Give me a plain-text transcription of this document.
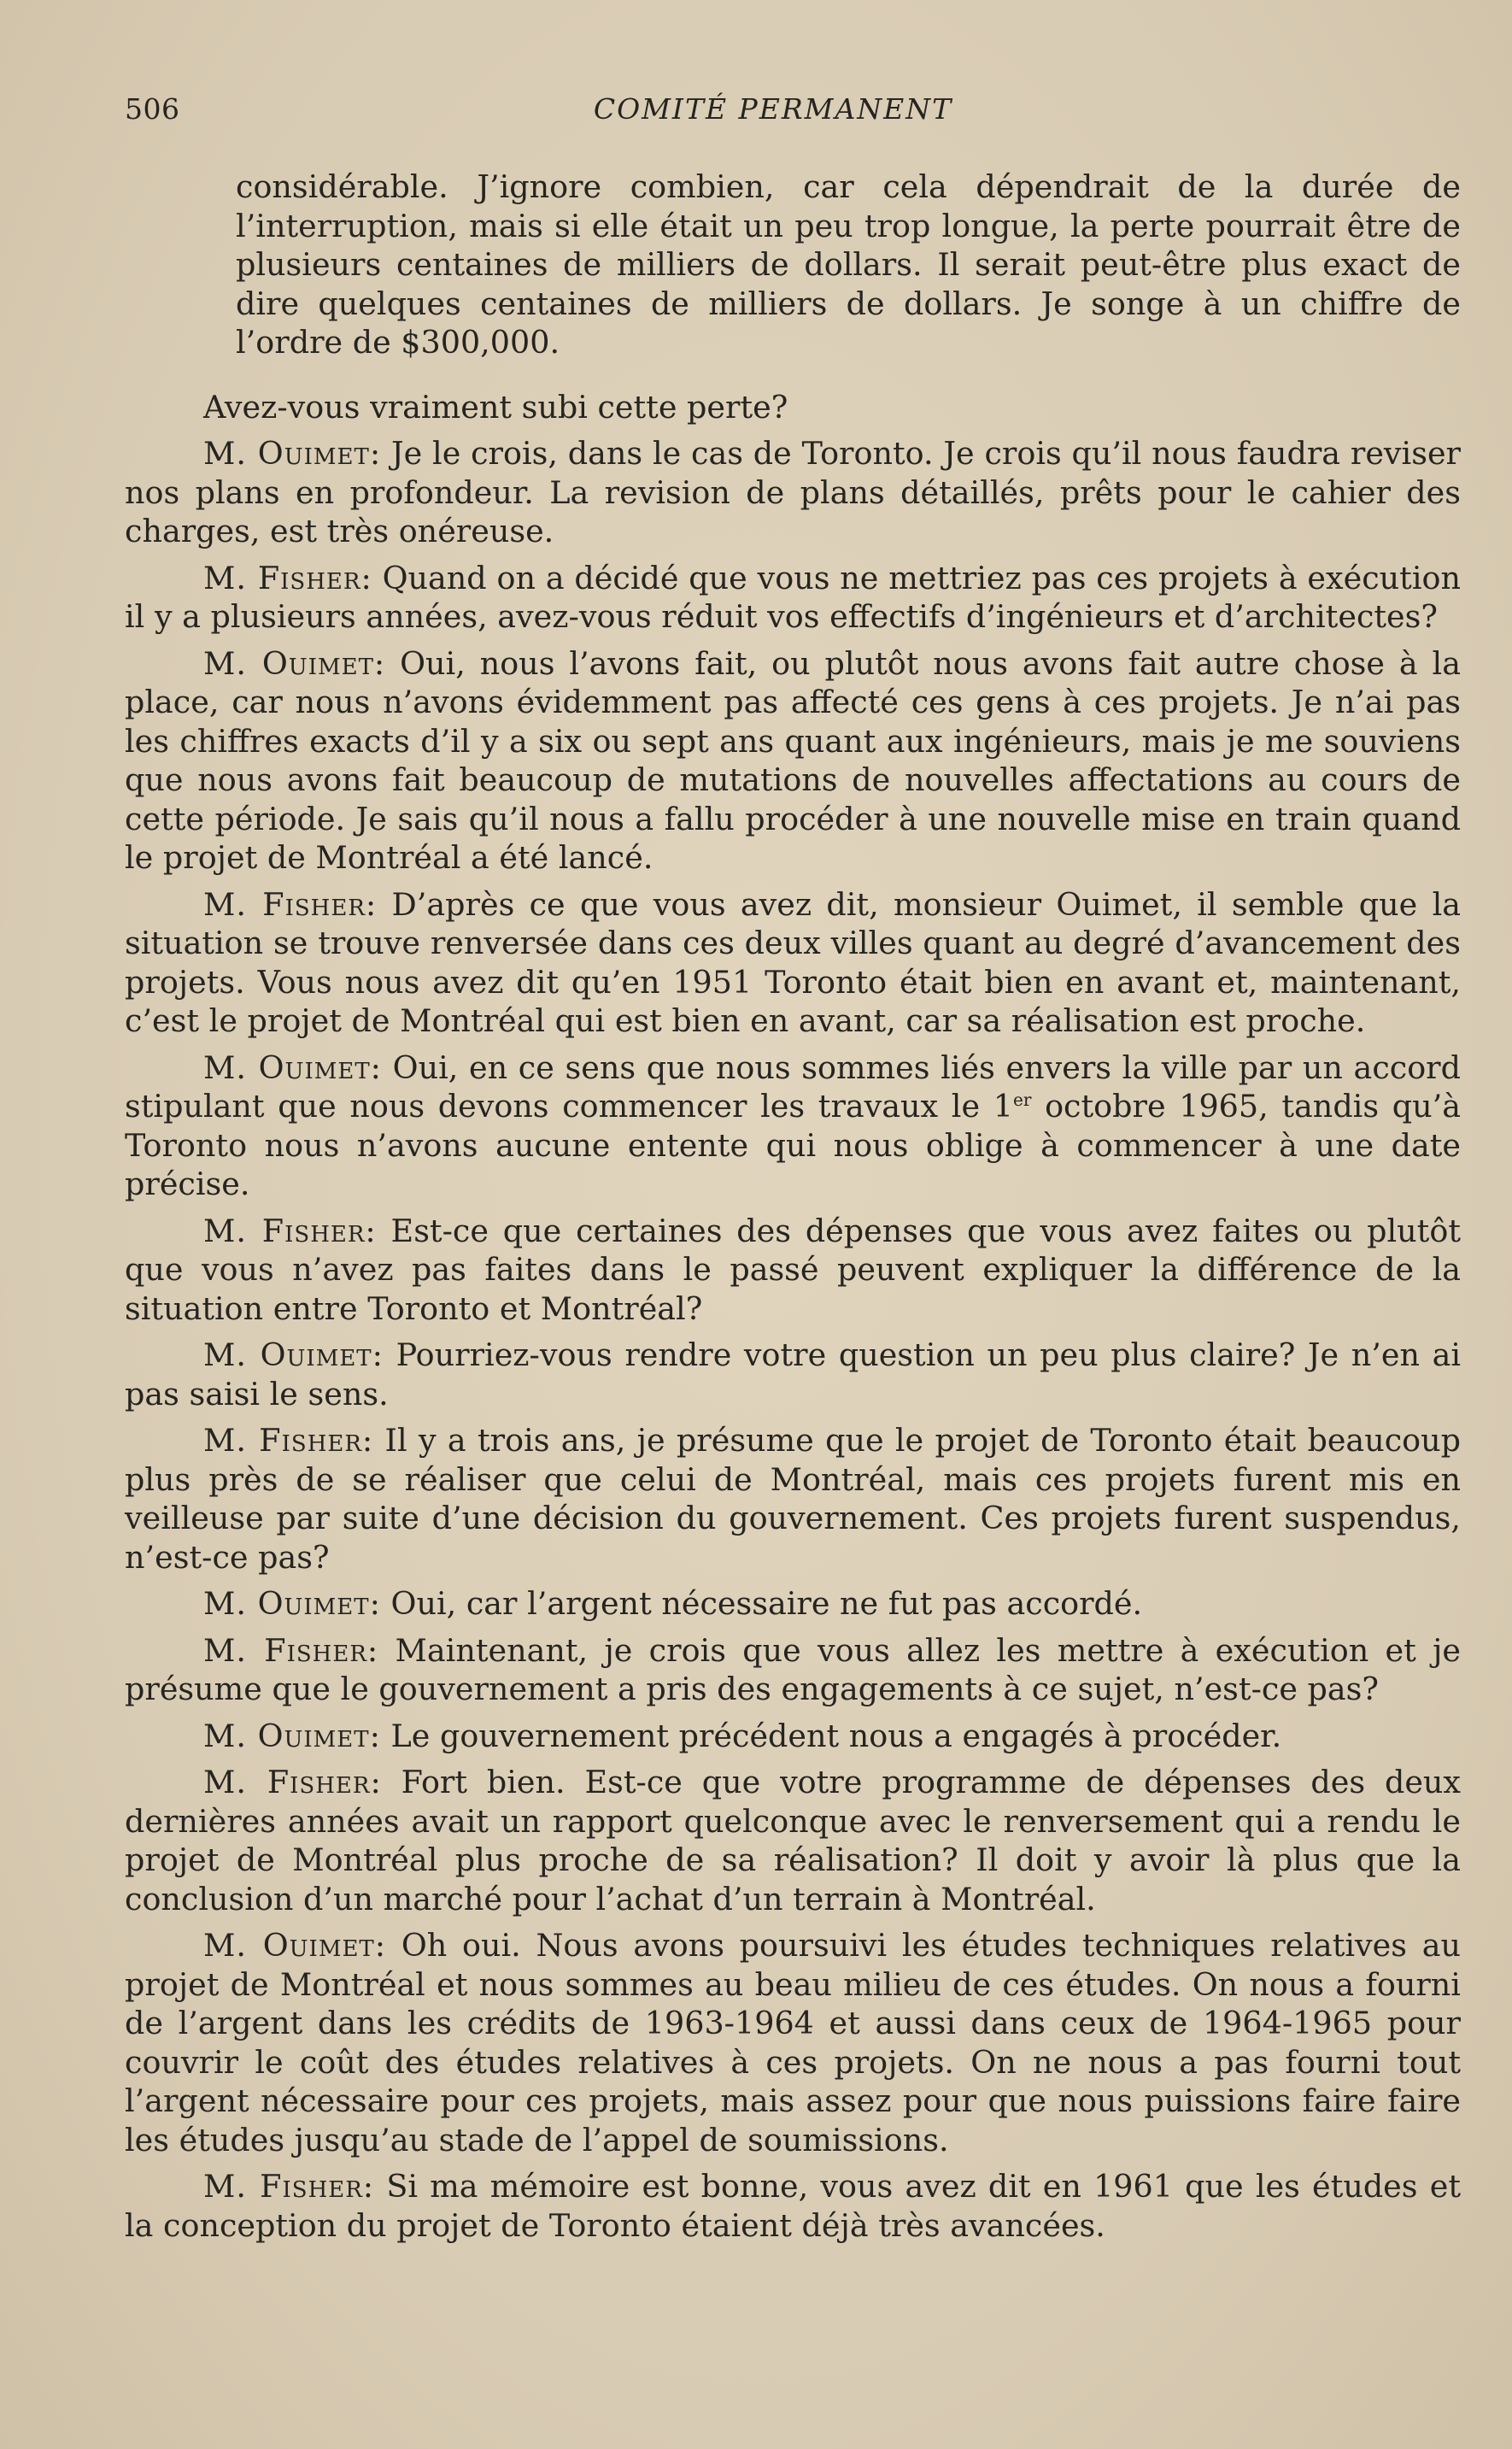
506	COMITÉ PERMANENT

considérable. J’ignore combien, car cela dépendrait de la durée de l’interruption, mais si elle était un peu trop longue, la perte pourrait être de plusieurs centaines de milliers de dollars. Il serait peut-être plus exact de dire quelques centaines de milliers de dollars. Je songe à un chiffre de l’ordre de $300,000.

Avez-vous vraiment subi cette perte?

M. Ouimet: Je le crois, dans le cas de Toronto. Je crois qu’il nous faudra reviser nos plans en profondeur. La revision de plans détaillés, prêts pour le cahier des charges, est très onéreuse.

M. Fisher: Quand on a décidé que vous ne mettriez pas ces projets à exécution il y a plusieurs années, avez-vous réduit vos effectifs d’ingénieurs et d’architectes?

M. Ouimet: Oui, nous l’avons fait, ou plutôt nous avons fait autre chose à la place, car nous n’avons évidemment pas affecté ces gens à ces projets. Je n’ai pas les chiffres exacts d’il y a six ou sept ans quant aux ingénieurs, mais je me souviens que nous avons fait beaucoup de mutations de nouvelles affectations au cours de cette période. Je sais qu’il nous a fallu procéder à une nouvelle mise en train quand le projet de Montréal a été lancé.

M. Fisher: D’après ce que vous avez dit, monsieur Ouimet, il semble que la situation se trouve renversée dans ces deux villes quant au degré d’avancement des projets. Vous nous avez dit qu’en 1951 Toronto était bien en avant et, maintenant, c’est le projet de Montréal qui est bien en avant, car sa réalisation est proche.

M. Ouimet: Oui, en ce sens que nous sommes liés envers la ville par un accord stipulant que nous devons commencer les travaux le 1er octobre 1965, tandis qu’à Toronto nous n’avons aucune entente qui nous oblige à commencer à une date précise.

M. Fisher: Est-ce que certaines des dépenses que vous avez faites ou plutôt que vous n’avez pas faites dans le passé peuvent expliquer la différence de la situation entre Toronto et Montréal?

M. Ouimet: Pourriez-vous rendre votre question un peu plus claire? Je n’en ai pas saisi le sens.

M. Fisher: Il y a trois ans, je présume que le projet de Toronto était beaucoup plus près de se réaliser que celui de Montréal, mais ces projets furent mis en veilleuse par suite d’une décision du gouvernement. Ces projets furent suspendus, n’est-ce pas?

M. Ouimet: Oui, car l’argent nécessaire ne fut pas accordé.

M. Fisher: Maintenant, je crois que vous allez les mettre à exécution et je présume que le gouvernement a pris des engagements à ce sujet, n’est-ce pas?

M. Ouimet: Le gouvernement précédent nous a engagés à procéder.

M. Fisher: Fort bien. Est-ce que votre programme de dépenses des deux dernières années avait un rapport quelconque avec le renversement qui a rendu le projet de Montréal plus proche de sa réalisation? Il doit y avoir là plus que la conclusion d’un marché pour l’achat d’un terrain à Montréal.

M. Ouimet: Oh oui. Nous avons poursuivi les études techniques relatives au projet de Montréal et nous sommes au beau milieu de ces études. On nous a fourni de l’argent dans les crédits de 1963-1964 et aussi dans ceux de 1964-1965 pour couvrir le coût des études relatives à ces projets. On ne nous a pas fourni tout l’argent nécessaire pour ces projets, mais assez pour que nous puissions faire faire les études jusqu’au stade de l’appel de soumissions.

M. Fisher: Si ma mémoire est bonne, vous avez dit en 1961 que les études et la conception du projet de Toronto étaient déjà très avancées.
